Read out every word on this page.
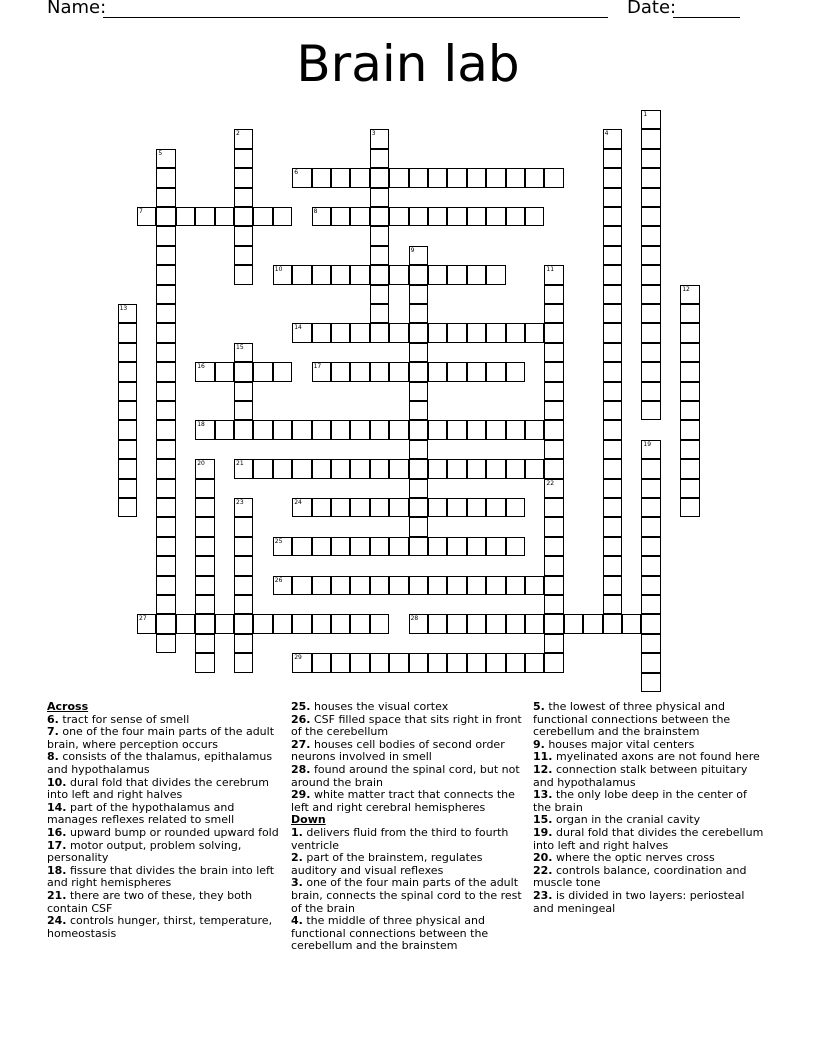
Name:	Date:
Brain lab
6
7	8
10
14
16	17
18
21
24
25
26
27	28
29
1
2	3	4
5
9
11
12
13
15
19
20
22
23
Across
6. tract for sense of smell
7. one of the four main parts of the adult brain, where perception occurs
8. consists of the thalamus, epithalamus and hypothalamus
10. dural fold that divides the cerebrum into left and right halves
14. part of the hypothalamus and manages reflexes related to smell
16. upward bump or rounded upward fold
17. motor output, problem solving, personality
18. fissure that divides the brain into left and right hemispheres
21. there are two of these, they both contain CSF
24. controls hunger, thirst, temperature, homeostasis
25. houses the visual cortex
26. CSF filled space that sits right in front of the cerebellum
27. houses cell bodies of second order neurons involved in smell
28. found around the spinal cord, but not around the brain
29. white matter tract that connects the left and right cerebral hemispheres
Down
1. delivers fluid from the third to fourth ventricle
2. part of the brainstem, regulates auditory and visual reflexes
3. one of the four main parts of the adult brain, connects the spinal cord to the rest of the brain
4. the middle of three physical and functional connections between the cerebellum and the brainstem
5. the lowest of three physical and functional connections between the cerebellum and the brainstem
9. houses major vital centers
11. myelinated axons are not found here
12. connection stalk between pituitary and hypothalamus
13. the only lobe deep in the center of the brain
15. organ in the cranial cavity
19. dural fold that divides the cerebellum into left and right halves
20. where the optic nerves cross
22. controls balance, coordination and muscle tone
23. is divided in two layers: periosteal and meningeal
